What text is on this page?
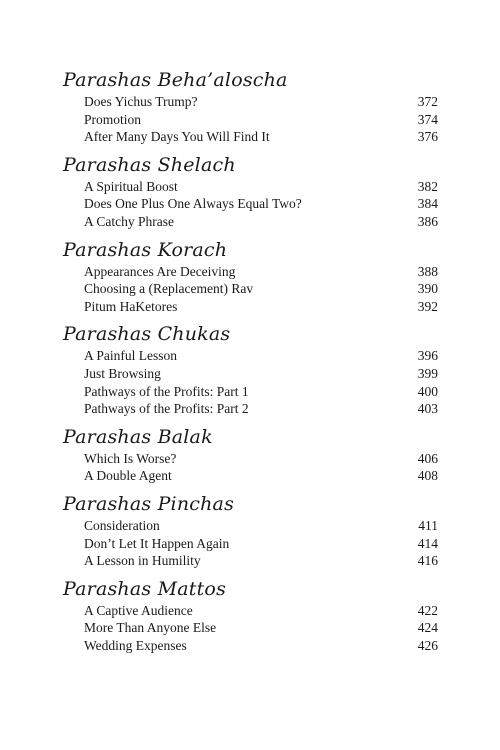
Parashas Beha’aloscha
Does Yichus Trump?	372
Promotion	374
After Many Days You Will Find It	376
Parashas Shelach
A Spiritual Boost	382
Does One Plus One Always Equal Two?	384
A Catchy Phrase	386
Parashas Korach
Appearances Are Deceiving	388
Choosing a (Replacement) Rav	390
Pitum HaKetores	392
Parashas Chukas
A Painful Lesson	396
Just Browsing	399
Pathways of the Profits: Part 1	400
Pathways of the Profits: Part 2	403
Parashas Balak
Which Is Worse?	406
A Double Agent	408
Parashas Pinchas
Consideration	411
Don’t Let It Happen Again	414
A Lesson in Humility	416
Parashas Mattos
A Captive Audience	422
More Than Anyone Else	424
Wedding Expenses	426
